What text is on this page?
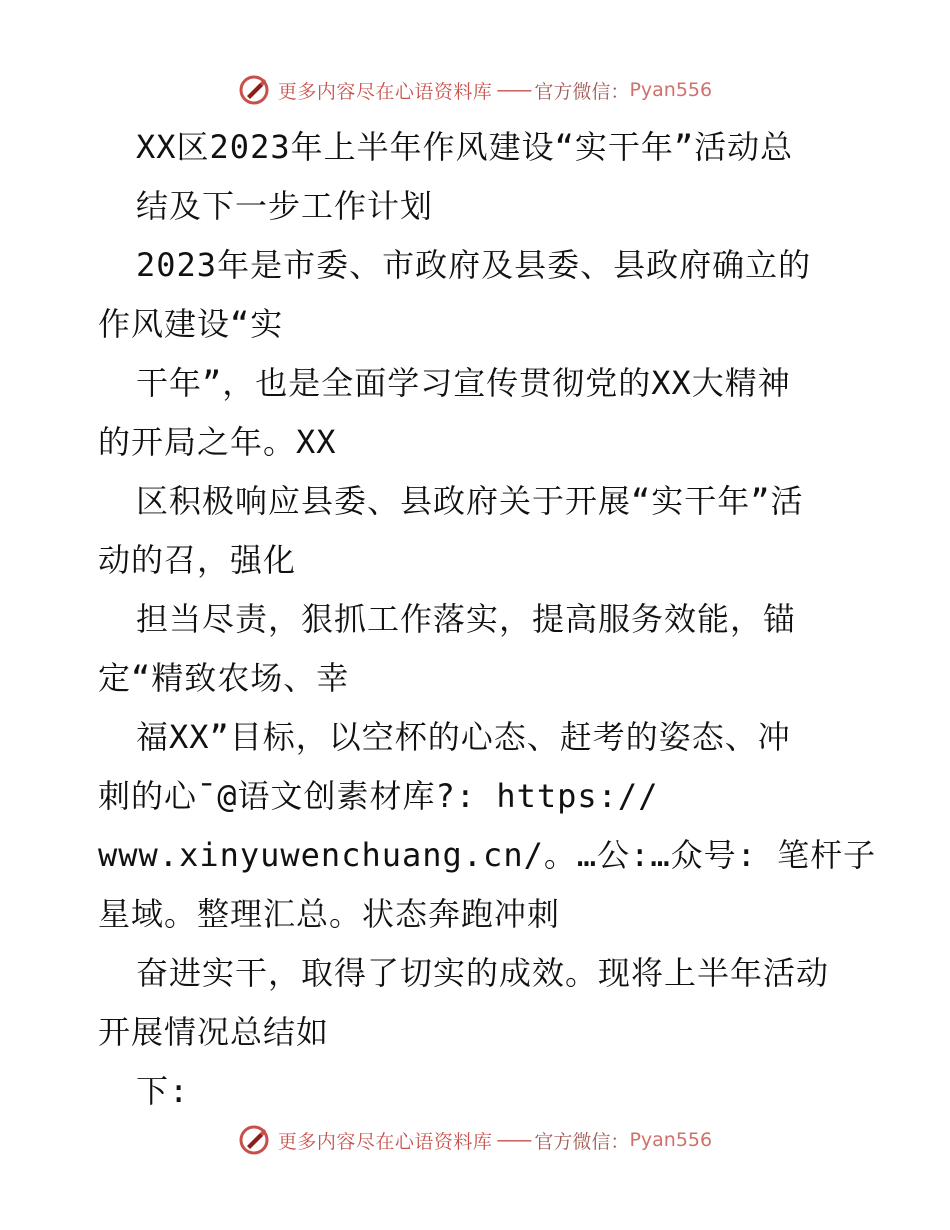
更多内容尽在心语资料库 —— 官方微信： Pyan556
XX区2023年上半年作风建设“实干年”活动总
结及下一步工作计划
2023年是市委、市政府及县委、县政府确立的
作风建设“实
干年”，也是全面学习宣传贯彻党的XX大精神
的开局之年。XX
区积极响应县委、县政府关于开展“实干年”活
动的召，强化
担当尽责，狠抓工作落实，提高服务效能，锚
定“精致农场、幸
福XX”目标，以空杯的心态、赶考的姿态、冲
刺的心¯@语文创素材库?: https://
www.xinyuwenchuang.cn/。…公:…众号: 笔杆子
星域。整理汇总。状态奔跑冲刺
奋进实干，取得了切实的成效。现将上半年活动
开展情况总结如
下:
更多内容尽在心语资料库 —— 官方微信： Pyan556
